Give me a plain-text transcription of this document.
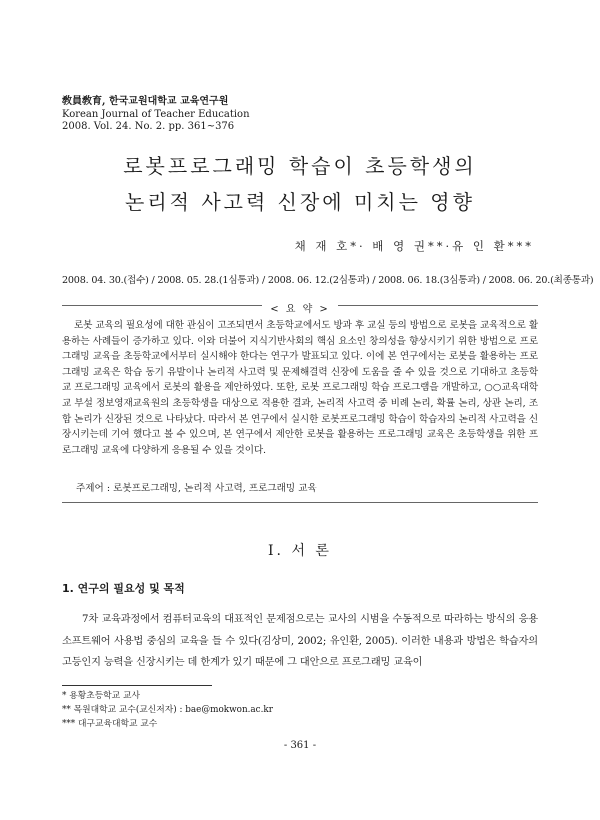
敎員敎育, 한국교원대학교 교육연구원
Korean Journal of Teacher Education
2008. Vol. 24. No. 2. pp. 361~376
로봇프로그래밍 학습이 초등학생의
논리적 사고력 신장에 미치는 영향
채 재 호*· 배 영 권**·유 인 환***
2008. 04. 30.(접수) / 2008. 05. 28.(1심통과) / 2008. 06. 12.(2심통과) / 2008. 06. 18.(3심통과) / 2008. 06. 20.(최종통과)
< 요 약 >
로봇 교육의 필요성에 대한 관심이 고조되면서 초등학교에서도 방과 후 교실 등의 방법으로 로봇을 교육적으로 활용하는 사례들이 증가하고 있다. 이와 더불어 지식기반사회의 핵심 요소인 창의성을 향상시키기 위한 방법으로 프로그래밍 교육을 초등학교에서부터 실시해야 한다는 연구가 발표되고 있다. 이에 본 연구에서는 로봇을 활용하는 프로그래밍 교육은 학습 동기 유발이나 논리적 사고력 및 문제해결력 신장에 도움을 줄 수 있을 것으로 기대하고 초등학교 프로그래밍 교육에서 로봇의 활용을 제안하였다. 또한, 로봇 프로그래밍 학습 프로그램을 개발하고, ○○교육대학교 부설 정보영재교육원의 초등학생을 대상으로 적용한 결과, 논리적 사고력 중 비례 논리, 확률 논리, 상관 논리, 조합 논리가 신장된 것으로 나타났다. 따라서 본 연구에서 실시한 로봇프로그래밍 학습이 학습자의 논리적 사고력을 신장시키는데 기여 했다고 볼 수 있으며, 본 연구에서 제안한 로봇을 활용하는 프로그래밍 교육은 초등학생을 위한 프로그래밍 교육에 다양하게 응용될 수 있을 것이다.
주제어 : 로봇프로그래밍, 논리적 사고력, 프로그래밍 교육
Ⅰ. 서 론
1. 연구의 필요성 및 목적
7차 교육과정에서 컴퓨터교육의 대표적인 문제점으로는 교사의 시범을 수동적으로 따라하는 방식의 응용 소프트웨어 사용법 중심의 교육을 들 수 있다(김상미, 2002; 유인환, 2005). 이러한 내용과 방법은 학습자의 고등인지 능력을 신장시키는 데 한계가 있기 때문에 그 대안으로 프로그래밍 교육이
* 용황초등학교 교사
** 목원대학교 교수(교신저자) : bae@mokwon.ac.kr
*** 대구교육대학교 교수
- 361 -
